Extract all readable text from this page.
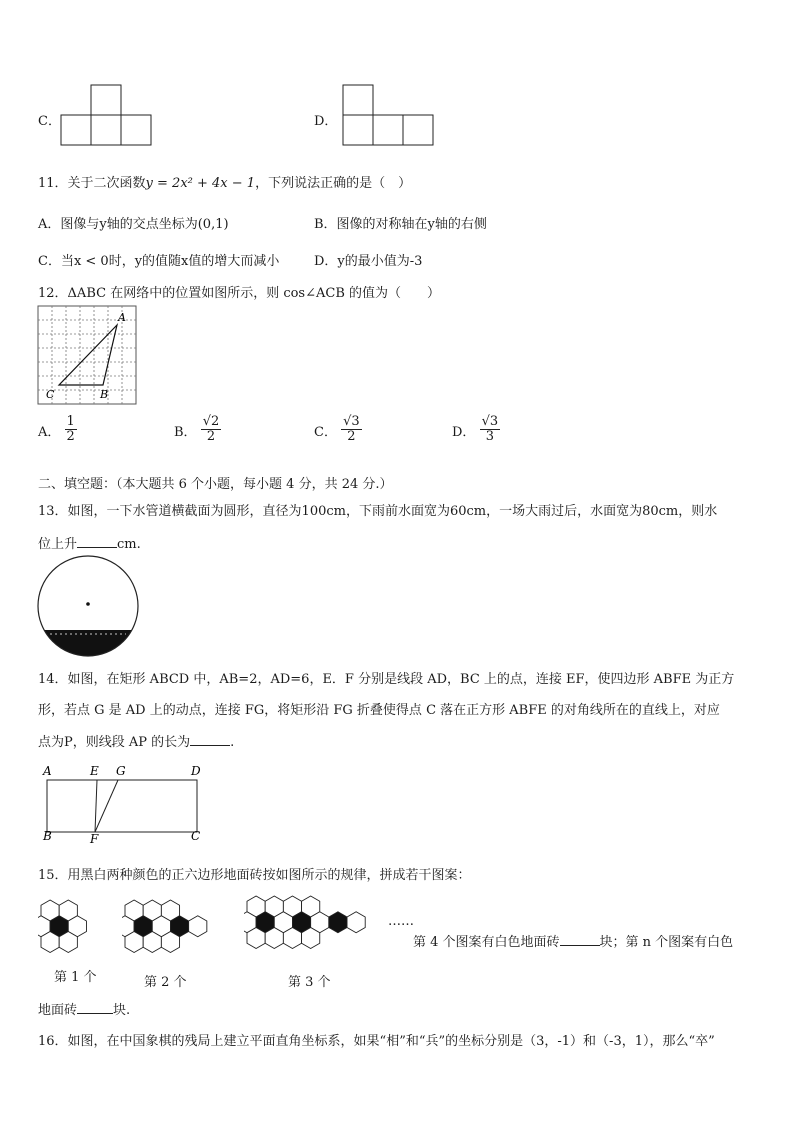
C．	D．
11．关于二次函数y = 2x² + 4x − 1，下列说法正确的是（　）
A．图像与y轴的交点坐标为(0,1)	B．图像的对称轴在y轴的右侧
C．当x < 0时，y的值随x值的增大而减小	D．y的最小值为-3
12．ΔABC 在网络中的位置如图所示，则 cos∠ACB 的值为（　　）
A
C	B
A． $\frac{1}{2}$	B． $\frac{√2}{2}$	C． $\frac{√3}{2}$	D． $\frac{√3}{3}$
二、填空题：（本大题共 6 个小题，每小题 4 分，共 24 分.）
13．如图，一下水管道横截面为圆形，直径为100cm，下雨前水面宽为60cm，一场大雨过后，水面宽为80cm，则水
位上升	cm.
14．如图，在矩形 ABCD 中，AB=2，AD=6，E．F 分别是线段 AD，BC 上的点，连接 EF，使四边形 ABFE 为正方
形，若点 G 是 AD 上的动点，连接 FG，将矩形沿 FG 折叠使得点 C 落在正方形 ABFE 的对角线所在的直线上，对应
点为P，则线段 AP 的长为	.
A	E G	D
B	F	C
15．用黑白两种颜色的正六边形地面砖按如图所示的规律，拼成若干图案：
第 1 个	第 2 个	第 3 个
……
第 4 个图案有白色地面砖	块；第 n 个图案有白色
地面砖	块.
16．如图，在中国象棋的残局上建立平面直角坐标系，如果“相”和“兵”的坐标分别是（3，-1）和（-3，1），那么“卒”
